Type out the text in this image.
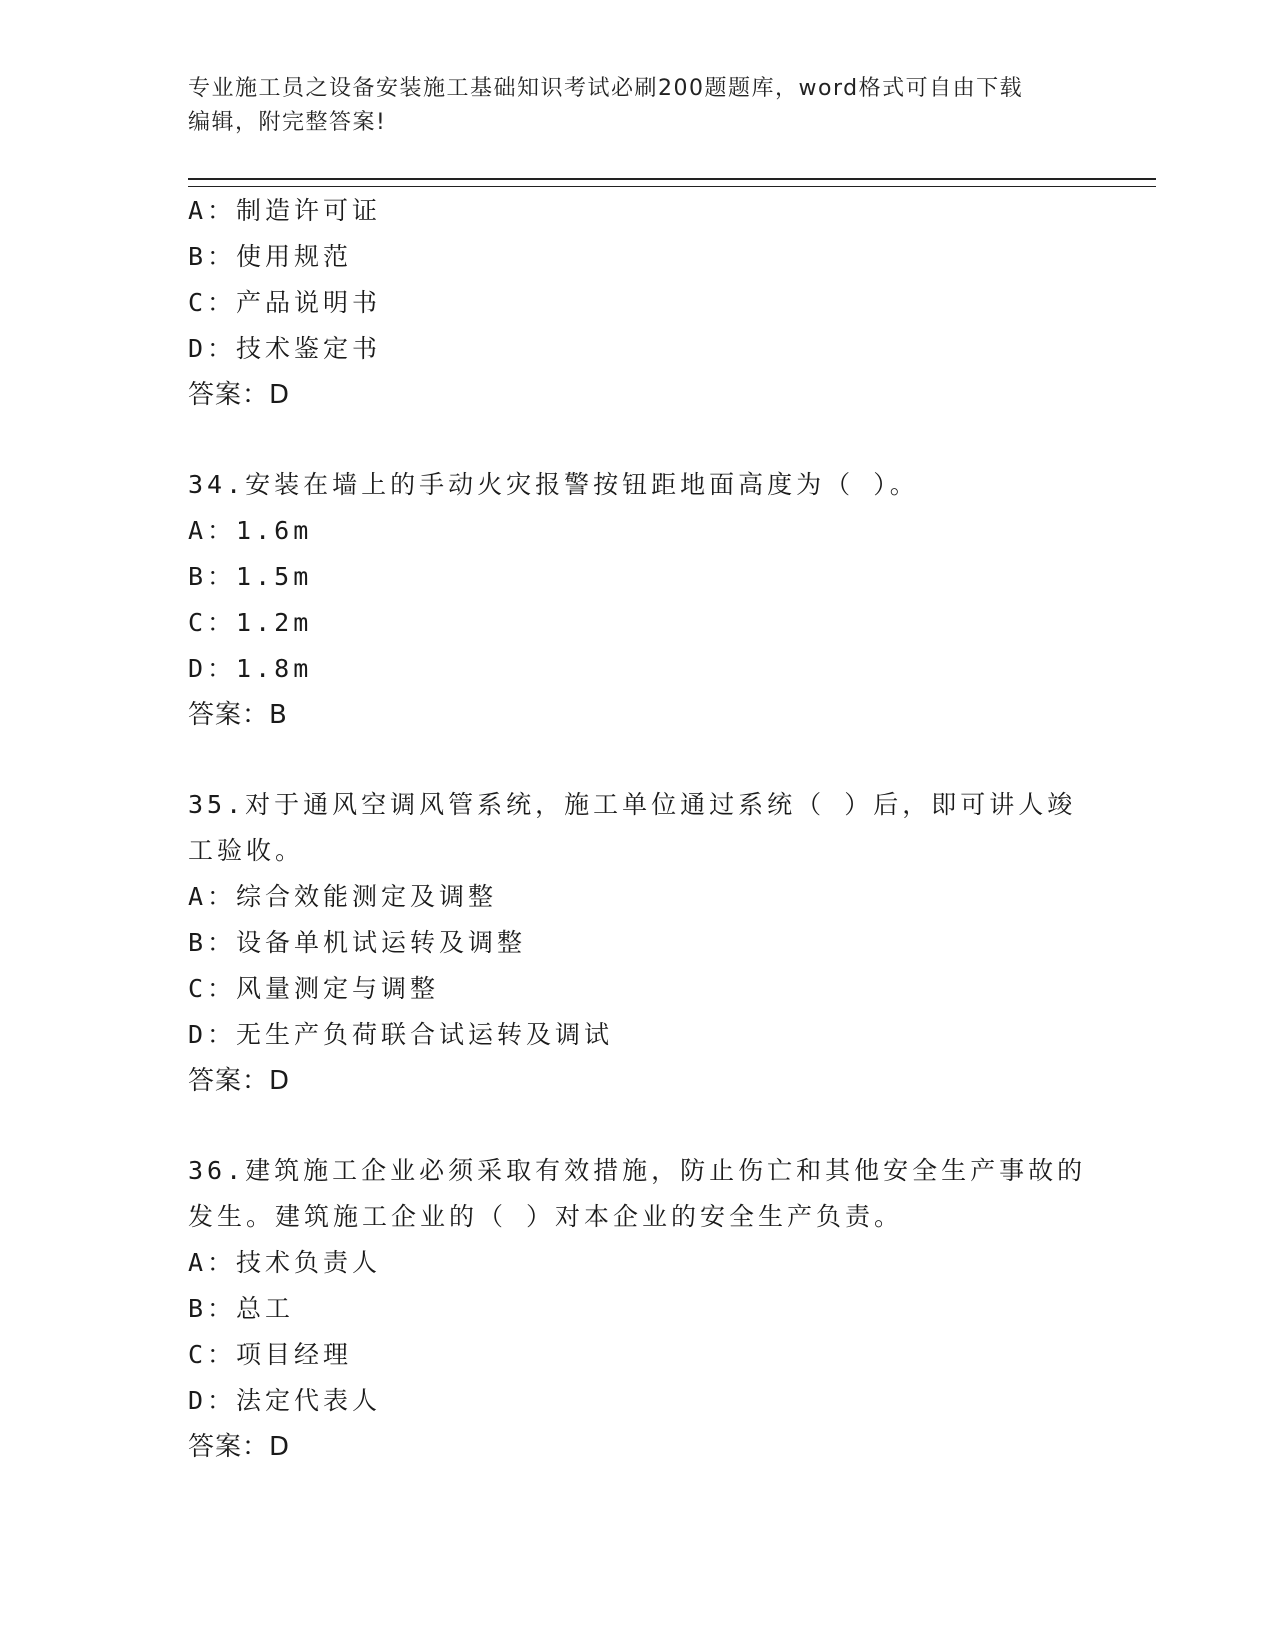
专业施工员之设备安装施工基础知识考试必刷200题题库，word格式可自由下载
编辑，附完整答案!
A：制造许可证
B：使用规范
C：产品说明书
D：技术鉴定书
答案：D
34.安装在墙上的手动火灾报警按钮距地面高度为（ ）。
A：1.6m
B：1.5m
C：1.2m
D：1.8m
答案：B
35.对于通风空调风管系统，施工单位通过系统（ ）后，即可讲人竣
工验收。
A：综合效能测定及调整
B：设备单机试运转及调整
C：风量测定与调整
D：无生产负荷联合试运转及调试
答案：D
36.建筑施工企业必须采取有效措施，防止伤亡和其他安全生产事故的
发生。建筑施工企业的（ ）对本企业的安全生产负责。
A：技术负责人
B：总工
C：项目经理
D：法定代表人
答案：D
